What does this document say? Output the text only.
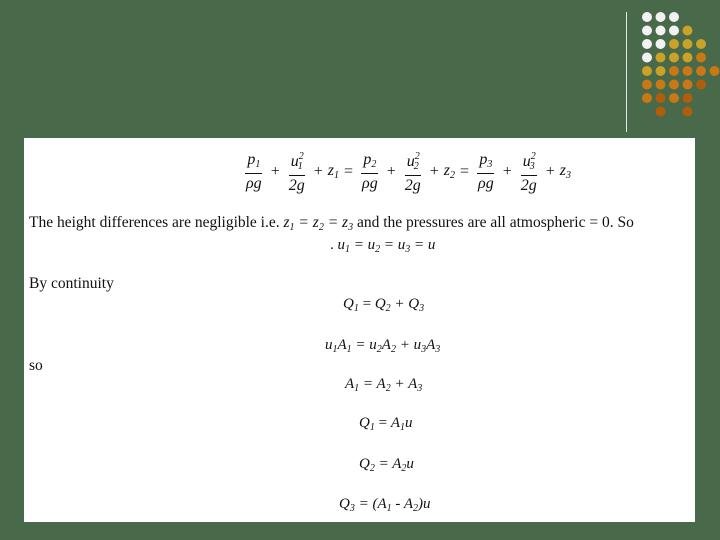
$\frac{p_1}{\rho g} + \frac{u^2_1}{2g} + z_1 = \frac{p_2}{\rho g} + \frac{u^2_2}{2g} + z_2 = \frac{p_3}{\rho g} + \frac{u^2_3}{2g} + z_3$
The height differences are negligible i.e. $z_1 = z_2 = z_3$ and the pressures are all atmospheric = 0. So
. $u_1 = u_2 = u_3 = u$
By continuity
$Q_1 = Q_2 + Q_3$
$u_1A_1 = u_2A_2 + u_3A_3$
so
$A_1 = A_2 + A_3$
$Q_1 = A_1u$
$Q_2 = A_2u$
$Q_3 = (A_1 - A_2)u$
